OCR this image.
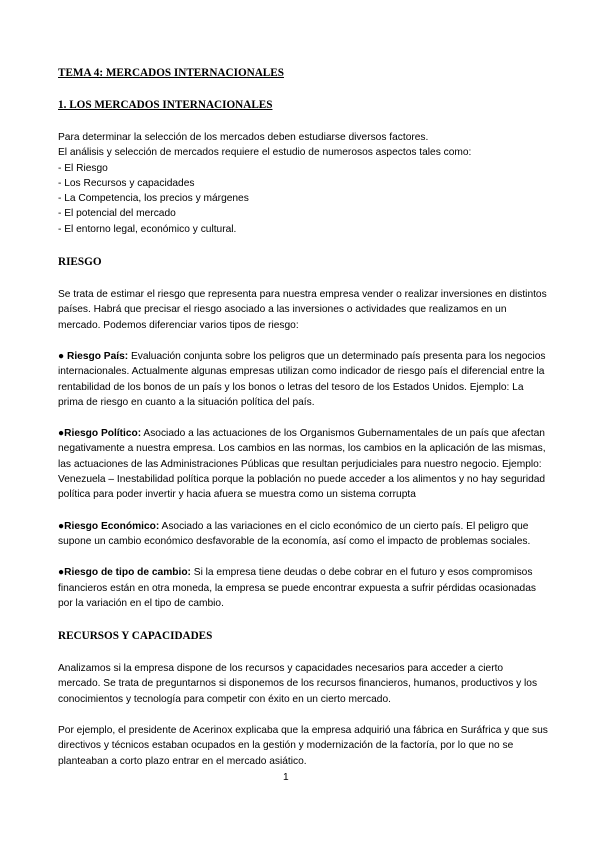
TEMA 4: MERCADOS INTERNACIONALES

1. LOS MERCADOS INTERNACIONALES

Para determinar la selección de los mercados deben estudiarse diversos factores.

El análisis y selección de mercados requiere el estudio de numerosos aspectos tales como:

- El Riesgo
- Los Recursos y capacidades
- La Competencia, los precios y márgenes
- El potencial del mercado
- El entorno legal, económico y cultural.

RIESGO

Se trata de estimar el riesgo que representa para nuestra empresa vender o realizar inversiones en distintos países. Habrá que precisar el riesgo asociado a las inversiones o actividades que realizamos en un mercado. Podemos diferenciar varios tipos de riesgo:

● Riesgo País: Evaluación conjunta sobre los peligros que un determinado país presenta para los negocios internacionales. Actualmente algunas empresas utilizan como indicador de riesgo país el diferencial entre la rentabilidad de los bonos de un país y los bonos o letras del tesoro de los Estados Unidos. Ejemplo: La prima de riesgo en cuanto a la situación política del país.

●Riesgo Político: Asociado a las actuaciones de los Organismos Gubernamentales de un país que afectan negativamente a nuestra empresa. Los cambios en las normas, los cambios en la aplicación de las mismas, las actuaciones de las Administraciones Públicas que resultan perjudiciales para nuestro negocio. Ejemplo: Venezuela – Inestabilidad política porque la población no puede acceder a los alimentos y no hay seguridad política para poder invertir y hacia afuera se muestra como un sistema corrupta

●Riesgo Económico: Asociado a las variaciones en el ciclo económico de un cierto país. El peligro que supone un cambio económico desfavorable de la economía, así como el impacto de problemas sociales.

●Riesgo de tipo de cambio: Si la empresa tiene deudas o debe cobrar en el futuro y esos compromisos financieros están en otra moneda, la empresa se puede encontrar expuesta a sufrir pérdidas ocasionadas por la variación en el tipo de cambio.

RECURSOS Y CAPACIDADES

Analizamos si la empresa dispone de los recursos y capacidades necesarios para acceder a cierto mercado. Se trata de preguntarnos si disponemos de los recursos financieros, humanos, productivos y los conocimientos y tecnología para competir con éxito en un cierto mercado.

Por ejemplo, el presidente de Acerinox explicaba que la empresa adquirió una fábrica en Suráfrica y que sus directivos y técnicos estaban ocupados en la gestión y modernización de la factoría, por lo que no se planteaban a corto plazo entrar en el mercado asiático.

1
